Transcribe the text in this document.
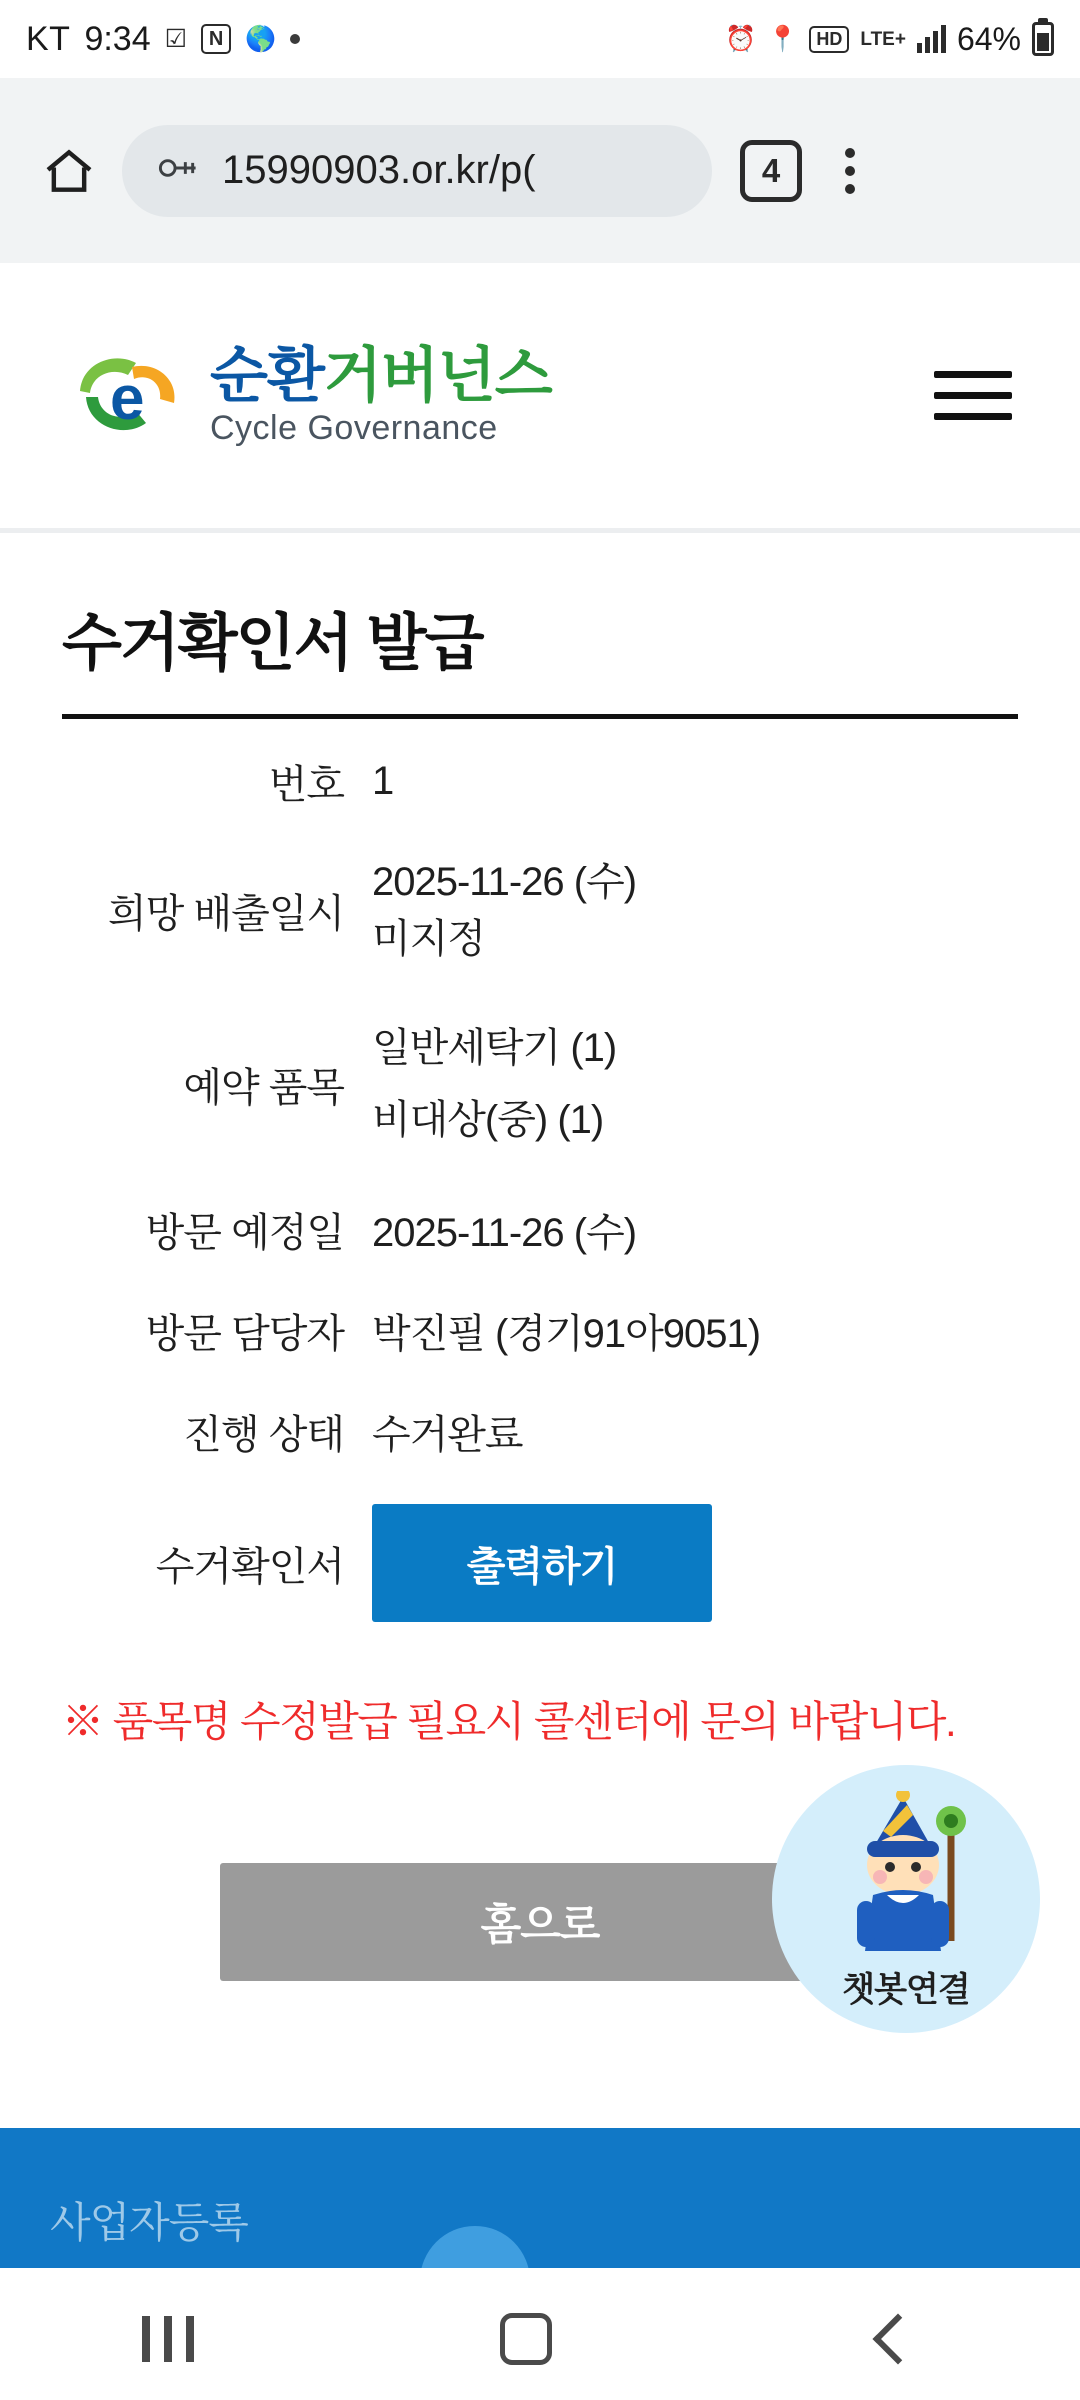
KT 9:34 ☑	N 🌎	⏰ 📍	HD LTE+ 64%
15990903.or.kr/p(	4
e 순환거버넌스
Cycle Governance
수거확인서 발급
번호	1
희망 배출일시	2025-11-26 (수)
미지정

예약 품목	일반세탁기 (1)
비대상(중) (1)

방문 예정일	2025-11-26 (수)
방문 담당자	박진필 (경기91아9051)
진행 상태	수거완료
수거확인서	출력하기
※ 품목명 수정발급 필요시 콜센터에 문의 바랍니다.
홈으로
챗봇연결
사업자등록
